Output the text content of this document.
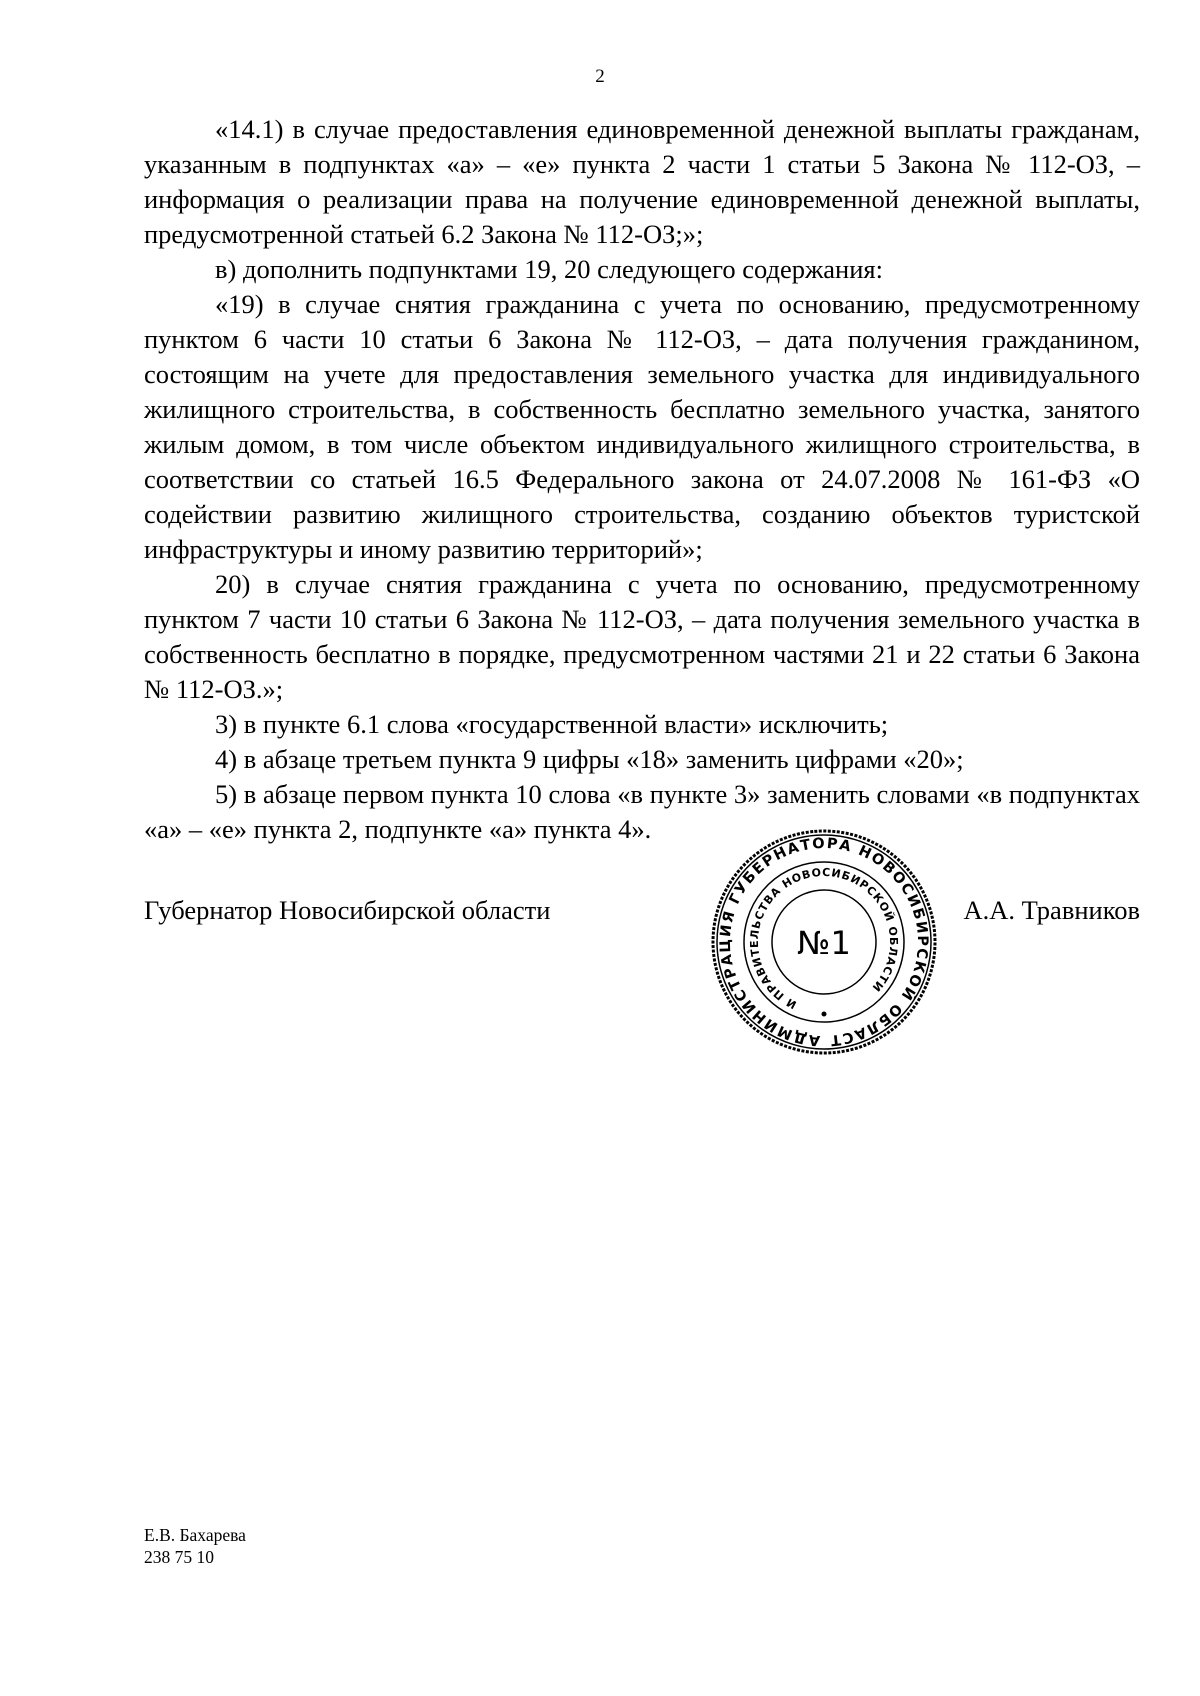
2

«14.1) в случае предоставления единовременной денежной выплаты гражданам, указанным в подпунктах «а» – «е» пункта 2 части 1 статьи 5 Закона № 112-ОЗ, – информация о реализации права на получение единовременной денежной выплаты, предусмотренной статьей 6.2 Закона № 112-ОЗ;»;

в) дополнить подпунктами 19, 20 следующего содержания:

«19) в случае снятия гражданина с учета по основанию, предусмотренному пунктом 6 части 10 статьи 6 Закона № 112-ОЗ, – дата получения гражданином, состоящим на учете для предоставления земельного участка для индивидуального жилищного строительства, в собственность бесплатно земельного участка, занятого жилым домом, в том числе объектом индивидуального жилищного строительства, в соответствии со статьей 16.5 Федерального закона от 24.07.2008 № 161-ФЗ «О содействии развитию жилищного строительства, созданию объектов туристской инфраструктуры и иному развитию территорий»;

20) в случае снятия гражданина с учета по основанию, предусмотренному пунктом 7 части 10 статьи 6 Закона № 112-ОЗ, – дата получения земельного участка в собственность бесплатно в порядке, предусмотренном частями 21 и 22 статьи 6 Закона № 112-ОЗ.»;

3) в пункте 6.1 слова «государственной власти» исключить;

4) в абзаце третьем пункта 9 цифры «18» заменить цифрами «20»;

5) в абзаце первом пункта 10 слова «в пункте 3» заменить словами «в подпунктах «а» – «е» пункта 2, подпункте «а» пункта 4».

Губернатор Новосибирской области	А.А. Травников
АДМИНИСТРАЦИЯ ГУБЕРНАТОРА НОВОСИБИРСКОЙ ОБЛАСТИ
И ПРАВИТЕЛЬСТВА НОВОСИБИРСКОЙ ОБЛАСТИ
№1
Е.В. Бахарева
238 75 10
